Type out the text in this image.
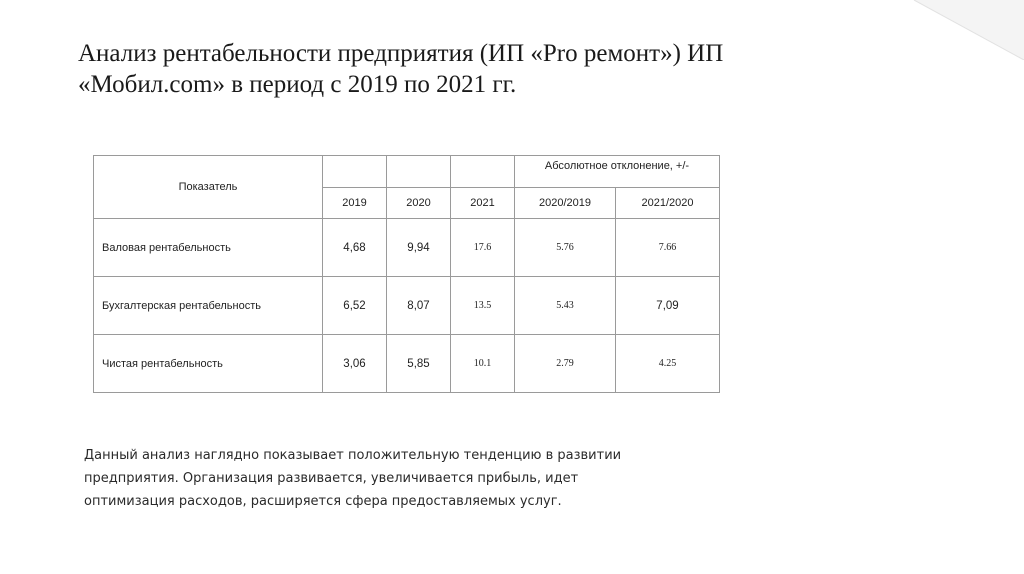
Анализ рентабельности предприятия (ИП «Pro ремонт») ИП
«Мобил.com» в период с 2019 по 2021 гг.
Показатель				Абсолютное отклонение, +/-	
	2019	2020	2021	2020/2019	2021/2020
Валовая рентабельность	4,68	9,94	17.6	5.76	7.66
Бухгалтерская рентабельность	6,52	8,07	13.5	5.43	7,09
Чистая рентабельность	3,06	5,85	10.1	2.79	4.25

Данный анализ наглядно показывает положительную тенденцию в развитии
предприятия. Организация развивается, увеличивается прибыль, идет
оптимизация расходов, расширяется сфера предоставляемых услуг.
